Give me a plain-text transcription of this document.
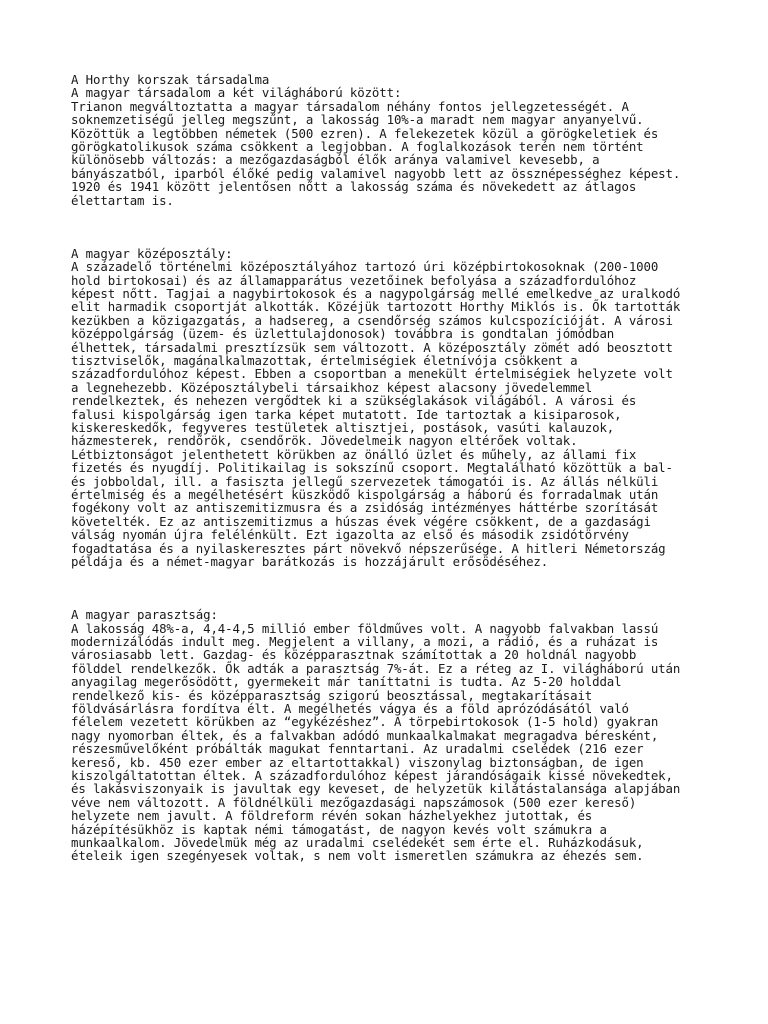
A Horthy korszak társadalma
A magyar társadalom a két világháború között:
Trianon megváltoztatta a magyar társadalom néhány fontos jellegzetességét. A
soknemzetiségű jelleg megszűnt, a lakosság 10%-a maradt nem magyar anyanyelvű.
Közöttük a legtöbben németek (500 ezren). A felekezetek közül a görögkeletiek és
görögkatolikusok száma csökkent a legjobban. A foglalkozások terén nem történt
különösebb változás: a mezőgazdaságból élők aránya valamivel kevesebb, a
bányászatból, iparból élőké pedig valamivel nagyobb lett az össznépességhez képest.
1920 és 1941 között jelentősen nőtt a lakosság száma és növekedett az átlagos
élettartam is.
A magyar középosztály:
A századelő történelmi középosztályához tartozó úri középbirtokosoknak (200-1000
hold birtokosai) és az államapparátus vezetőinek befolyása a századfordulóhoz
képest nőtt. Tagjai a nagybirtokosok és a nagypolgárság mellé emelkedve az uralkodó
elit harmadik csoportját alkották. Közéjük tartozott Horthy Miklós is. Ők tartották
kezükben a közigazgatás, a hadsereg, a csendőrség számos kulcspozícióját. A városi
középpolgárság (üzem- és üzlettulajdonosok) továbbra is gondtalan jómódban
élhettek, társadalmi presztízsük sem változott. A középosztály zömét adó beosztott
tisztviselők, magánalkalmazottak, értelmiségiek életnívója csökkent a
századfordulóhoz képest. Ebben a csoportban a menekült értelmiségiek helyzete volt
a legnehezebb. Középosztálybeli társaikhoz képest alacsony jövedelemmel
rendelkeztek, és nehezen vergődtek ki a szükséglakások világából. A városi és
falusi kispolgárság igen tarka képet mutatott. Ide tartoztak a kisiparosok,
kiskereskedők, fegyveres testületek altisztjei, postások, vasúti kalauzok,
házmesterek, rendőrök, csendőrök. Jövedelmeik nagyon eltérőek voltak.
Létbiztonságot jelenthetett körükben az önálló üzlet és műhely, az állami fix
fizetés és nyugdíj. Politikailag is sokszínű csoport. Megtalálható közöttük a bal-
és jobboldal, ill. a fasiszta jellegű szervezetek támogatói is. Az állás nélküli
értelmiség és a megélhetésért küszködő kispolgárság a háború és forradalmak után
fogékony volt az antiszemitizmusra és a zsidóság intézményes háttérbe szorítását
követelték. Ez az antiszemitizmus a húszas évek végére csökkent, de a gazdasági
válság nyomán újra felélénkült. Ezt igazolta az első és második zsidótörvény
fogadtatása és a nyilaskeresztes párt növekvő népszerűsége. A hitleri Németország
példája és a német-magyar barátkozás is hozzájárult erősödéséhez.
A magyar parasztság:
A lakosság 48%-a, 4,4-4,5 millió ember földműves volt. A nagyobb falvakban lassú
modernizálódás indult meg. Megjelent a villany, a mozi, a rádió, és a ruházat is
városiasabb lett. Gazdag- és középparasztnak számítottak a 20 holdnál nagyobb
földdel rendelkezők. Ők adták a parasztság 7%-át. Ez a réteg az I. világháború után
anyagilag megerősödött, gyermekeit már taníttatni is tudta. Az 5-20 holddal
rendelkező kis- és középparasztság szigorú beosztással, megtakarításait
földvásárlásra fordítva élt. A megélhetés vágya és a föld aprózódásától való
félelem vezetett körükben az “egykézéshez”. A törpebirtokosok (1-5 hold) gyakran
nagy nyomorban éltek, és a falvakban adódó munkaalkalmakat megragadva béresként,
részesművelőként próbálták magukat fenntartani. Az uradalmi cselédek (216 ezer
kereső, kb. 450 ezer ember az eltartottakkal) viszonylag biztonságban, de igen
kiszolgáltatottan éltek. A századfordulóhoz képest járandóságaik kissé növekedtek,
és lakásviszonyaik is javultak egy keveset, de helyzetük kilátástalansága alapjában
véve nem változott. A földnélküli mezőgazdasági napszámosok (500 ezer kereső)
helyzete nem javult. A földreform révén sokan házhelyekhez jutottak, és
házépítésükhöz is kaptak némi támogatást, de nagyon kevés volt számukra a
munkaalkalom. Jövedelmük még az uradalmi cselédekét sem érte el. Ruházkodásuk,
ételeik igen szegényesek voltak, s nem volt ismeretlen számukra az éhezés sem.
